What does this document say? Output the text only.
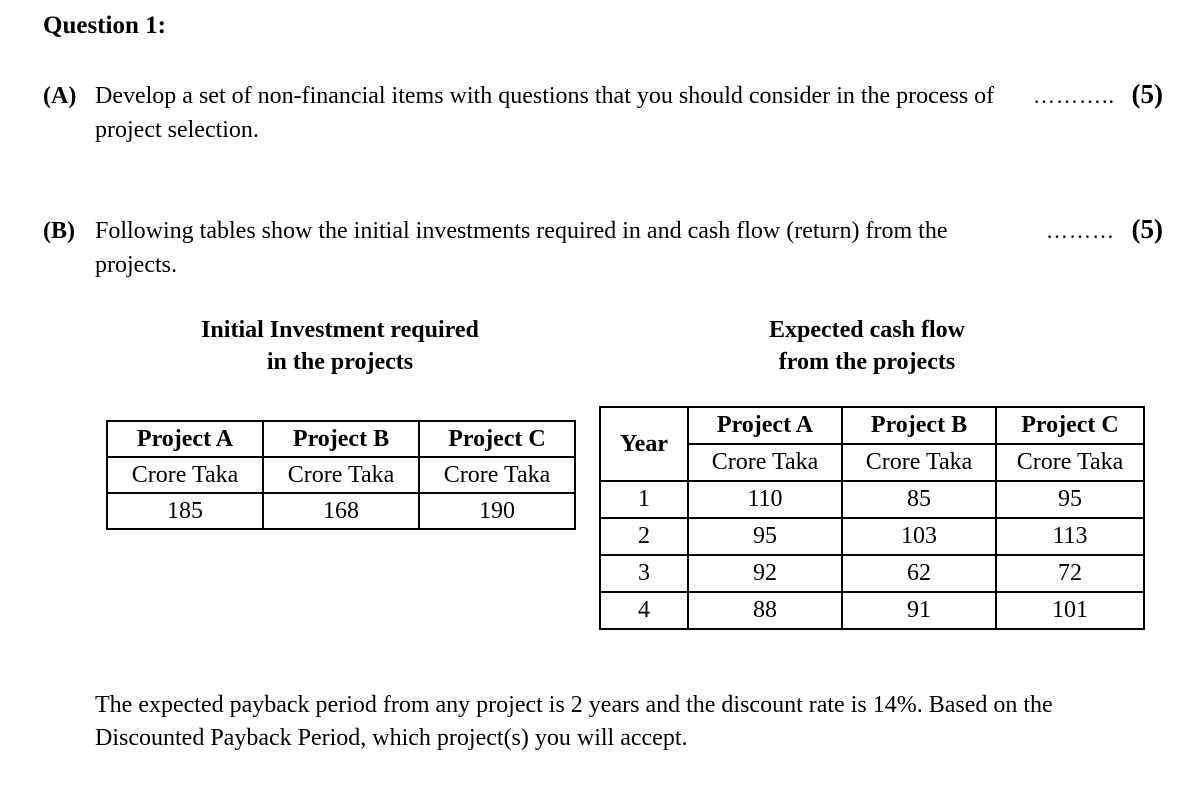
Question 1:
(A) Develop a set of non-financial items with questions that you should consider in the process of project selection.
……….. (5)
(B) Following tables show the initial investments required in and cash flow (return) from the projects.
……… (5)
Initial Investment required
in the projects
Expected cash flow
from the projects
Project A	Project B	Project C
Crore Taka	Crore Taka	Crore Taka
185	168	190
Year	Project A	Project B	Project C
	Crore Taka	Crore Taka	Crore Taka
1	110	85	95
2	95	103	113
3	92	62	72
4	88	91	101
The expected payback period from any project is 2 years and the discount rate is 14%. Based on the Discounted Payback Period, which project(s) you will accept.
